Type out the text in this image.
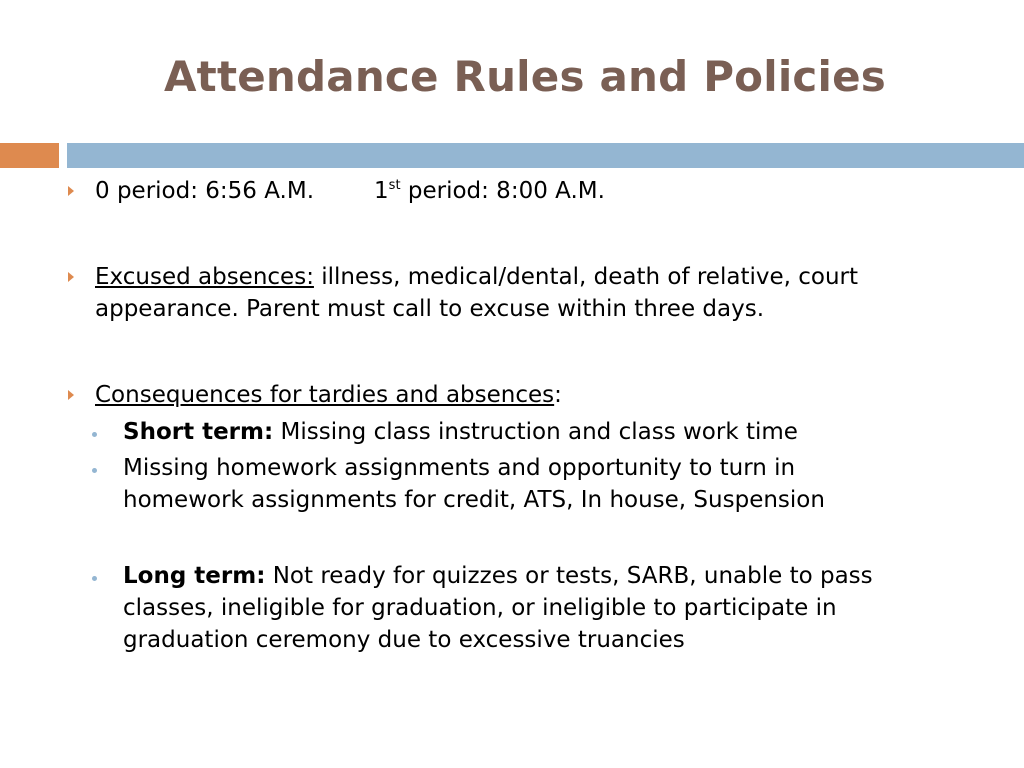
Attendance Rules and Policies
0 period: 6:56 A.M.	1st period: 8:00 A.M.
Excused absences: illness, medical/dental, death of relative, court
appearance. Parent must call to excuse within three days.
Consequences for tardies and absences:
Short term: Missing class instruction and class work time
Missing homework assignments and opportunity to turn in
homework assignments for credit, ATS, In house, Suspension
Long term: Not ready for quizzes or tests, SARB, unable to pass
classes, ineligible for graduation, or ineligible to participate in
graduation ceremony due to excessive truancies
